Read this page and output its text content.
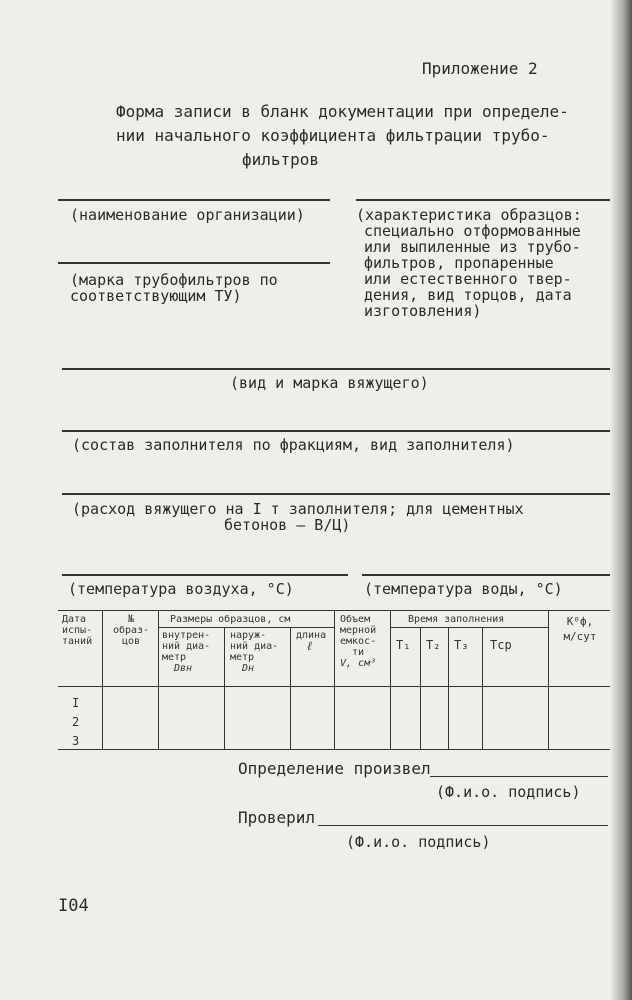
Приложение 2
Форма записи в бланк документации при определе-
нии начального коэффициента фильтрации трубо-
фильтров
(наименование организации)
(марка трубофильтров по
соответствующим ТУ)
(характеристика образцов:
специально отформованные
или выпиленные из трубо-
фильтров, пропаренные
или естественного твер-
дения, вид торцов, дата
изготовления)
(вид и марка вяжущего)
(состав заполнителя по фракциям, вид заполнителя)
(расход вяжущего на I т заполнителя; для цементных
бетонов – В/Ц)
(температура воздуха, °С)	(температура воды, °С)
Дата
испы-
таний
№
образ-
цов
Размеры образцов, см
внутрен-
ний диа-
метр
Dвн
наруж-
ний диа-
метр
Dн
длина
ℓ
Объем
мерной
емкос-
ти
V, см³
Время заполнения
T₁ T₂ T₃ Tср
K⁰ф,
м/сут
I
2
3
Определение произвел
(Ф.и.о. подпись)
Проверил
(Ф.и.о. подпись)
I04
